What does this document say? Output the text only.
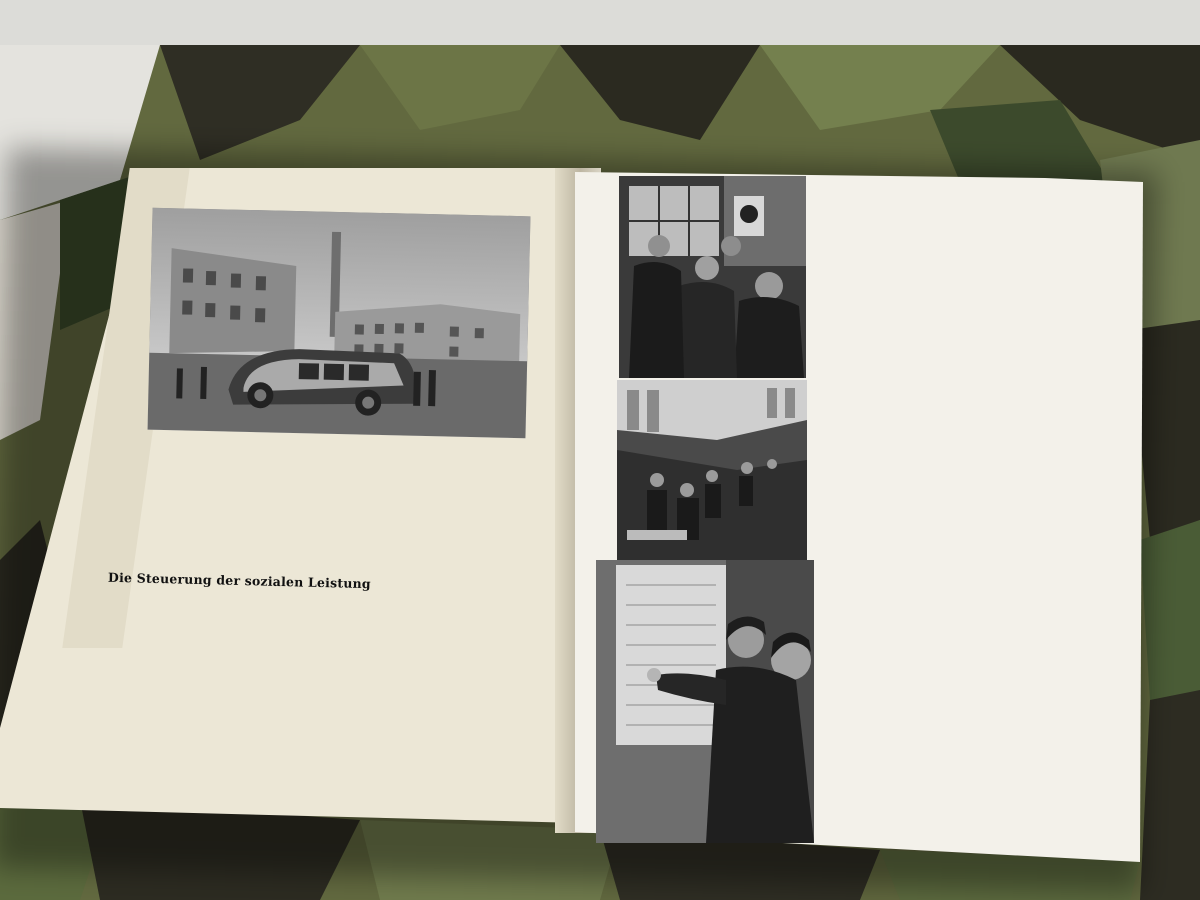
Die Steuerung der sozialen Leistung
